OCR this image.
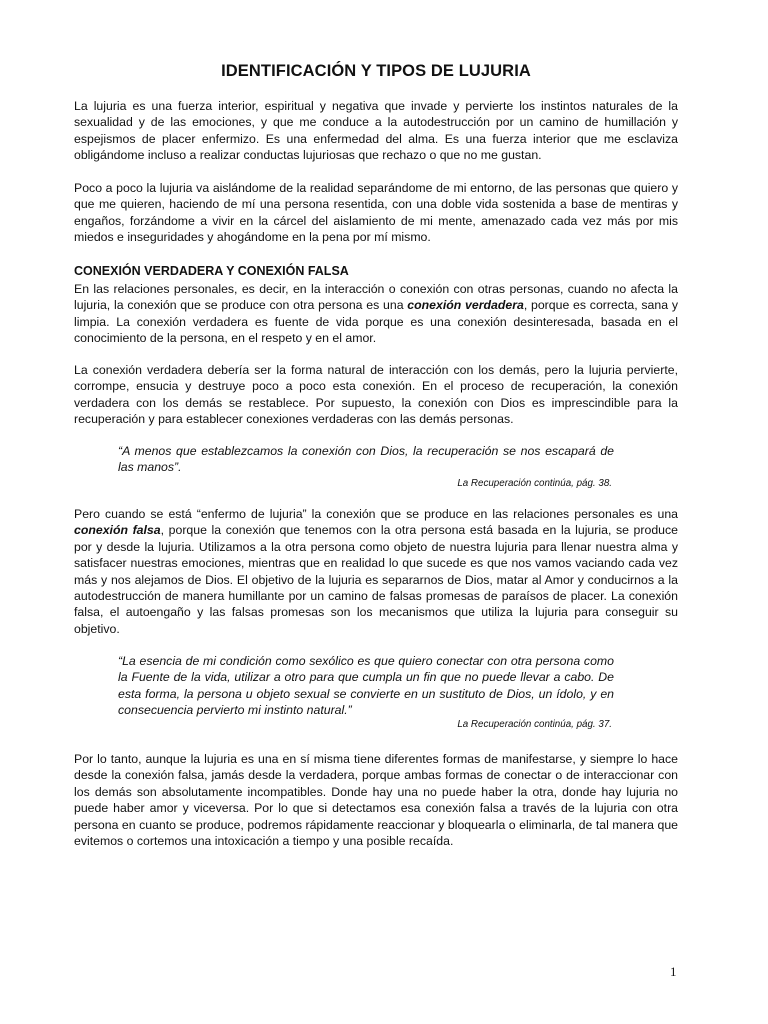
IDENTIFICACIÓN Y TIPOS DE LUJURIA

La lujuria es una fuerza interior, espiritual y negativa que invade y pervierte los instintos naturales de la sexualidad y de las emociones, y que me conduce a la autodestrucción por un camino de humillación y espejismos de placer enfermizo. Es una enfermedad del alma. Es una fuerza interior que me esclaviza obligándome incluso a realizar conductas lujuriosas que rechazo o que no me gustan.

Poco a poco la lujuria va aislándome de la realidad separándome de mi entorno, de las personas que quiero y que me quieren, haciendo de mí una persona resentida, con una doble vida sostenida a base de mentiras y engaños, forzándome a vivir en la cárcel del aislamiento de mi mente, amenazado cada vez más por mis miedos e inseguridades y ahogándome en la pena por mí mismo.

CONEXIÓN VERDADERA Y CONEXIÓN FALSA

En las relaciones personales, es decir, en la interacción o conexión con otras personas, cuando no afecta la lujuria, la conexión que se produce con otra persona es una conexión verdadera, porque es correcta, sana y limpia. La conexión verdadera es fuente de vida porque es una conexión desinteresada, basada en el conocimiento de la persona, en el respeto y en el amor.

La conexión verdadera debería ser la forma natural de interacción con los demás, pero la lujuria pervierte, corrompe, ensucia y destruye poco a poco esta conexión. En el proceso de recuperación, la conexión verdadera con los demás se restablece. Por supuesto, la conexión con Dios es imprescindible para la recuperación y para establecer conexiones verdaderas con las demás personas.

“A menos que establezcamos la conexión con Dios, la recuperación se nos escapará de las manos”.

La Recuperación continúa, pág. 38.

Pero cuando se está “enfermo de lujuria” la conexión que se produce en las relaciones personales es una conexión falsa, porque la conexión que tenemos con la otra persona está basada en la lujuria, se produce por y desde la lujuria. Utilizamos a la otra persona como objeto de nuestra lujuria para llenar nuestra alma y satisfacer nuestras emociones, mientras que en realidad lo que sucede es que nos vamos vaciando cada vez más y nos alejamos de Dios. El objetivo de la lujuria es separarnos de Dios, matar al Amor y conducirnos a la autodestrucción de manera humillante por un camino de falsas promesas de paraísos de placer. La conexión falsa, el autoengaño y las falsas promesas son los mecanismos que utiliza la lujuria para conseguir su objetivo.

“La esencia de mi condición como sexólico es que quiero conectar con otra persona como la Fuente de la vida, utilizar a otro para que cumpla un fin que no puede llevar a cabo. De esta forma, la persona u objeto sexual se convierte en un sustituto de Dios, un ídolo, y en consecuencia pervierto mi instinto natural.”

La Recuperación continúa, pág. 37.

Por lo tanto, aunque la lujuria es una en sí misma tiene diferentes formas de manifestarse, y siempre lo hace desde la conexión falsa, jamás desde la verdadera, porque ambas formas de conectar o de interaccionar con los demás son absolutamente incompatibles. Donde hay una no puede haber la otra, donde hay lujuria no puede haber amor y viceversa. Por lo que si detectamos esa conexión falsa a través de la lujuria con otra persona en cuanto se produce, podremos rápidamente reaccionar y bloquearla o eliminarla, de tal manera que evitemos o cortemos una intoxicación a tiempo y una posible recaída.

1
